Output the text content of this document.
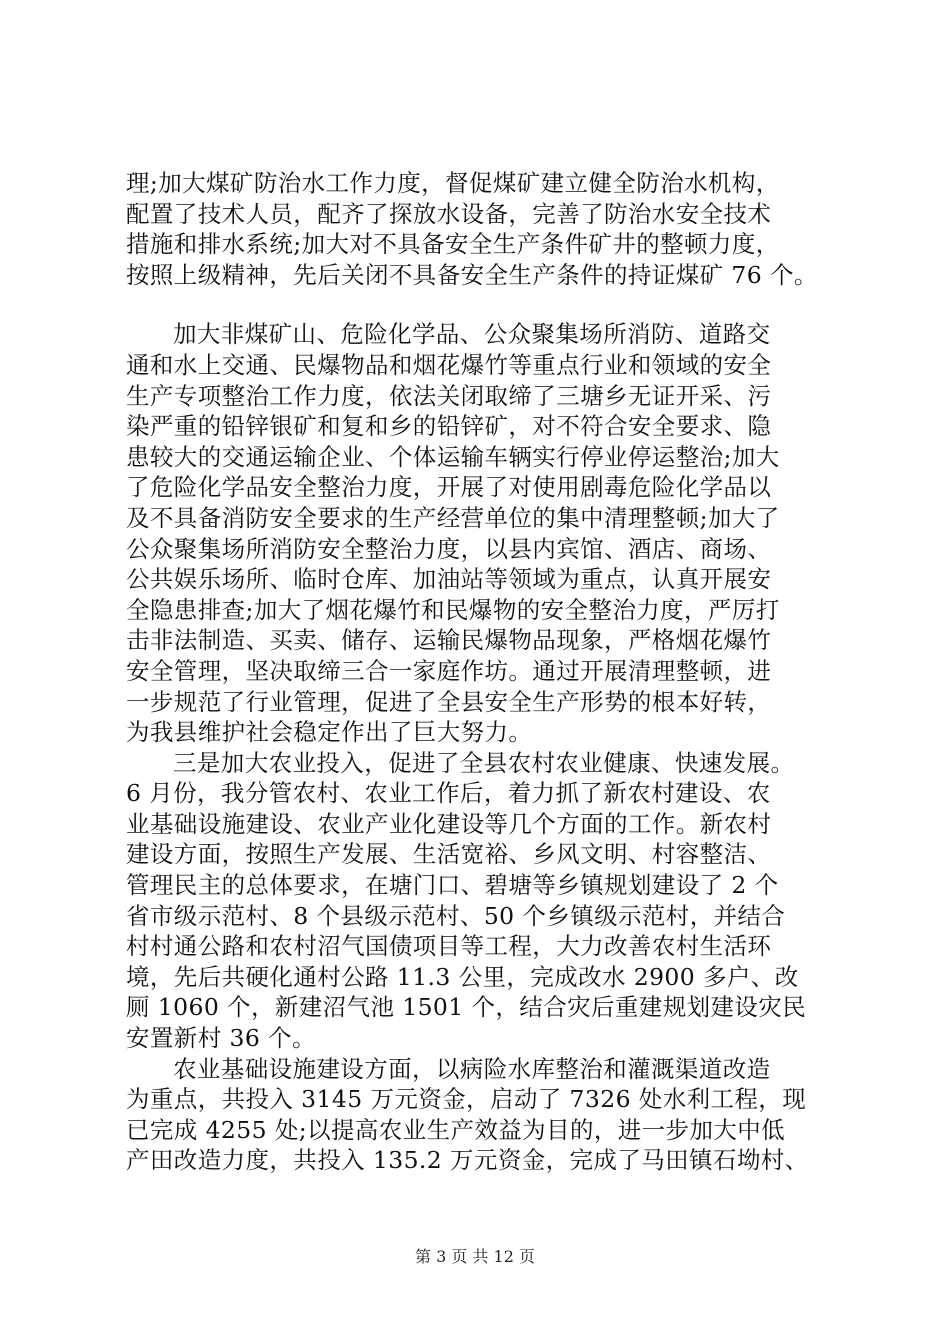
理;加大煤矿防治水工作力度，督促煤矿建立健全防治水机构，
配置了技术人员，配齐了探放水设备，完善了防治水安全技术
措施和排水系统;加大对不具备安全生产条件矿井的整顿力度，
按照上级精神，先后关闭不具备安全生产条件的持证煤矿 76 个。

加大非煤矿山、危险化学品、公众聚集场所消防、道路交
通和水上交通、民爆物品和烟花爆竹等重点行业和领域的安全
生产专项整治工作力度，依法关闭取缔了三塘乡无证开采、污
染严重的铅锌银矿和复和乡的铅锌矿，对不符合安全要求、隐
患较大的交通运输企业、个体运输车辆实行停业停运整治;加大
了危险化学品安全整治力度，开展了对使用剧毒危险化学品以
及不具备消防安全要求的生产经营单位的集中清理整顿;加大了
公众聚集场所消防安全整治力度，以县内宾馆、酒店、商场、
公共娱乐场所、临时仓库、加油站等领域为重点，认真开展安
全隐患排查;加大了烟花爆竹和民爆物的安全整治力度，严厉打
击非法制造、买卖、储存、运输民爆物品现象，严格烟花爆竹
安全管理，坚决取缔三合一家庭作坊。通过开展清理整顿，进
一步规范了行业管理，促进了全县安全生产形势的根本好转，
为我县维护社会稳定作出了巨大努力。

三是加大农业投入，促进了全县农村农业健康、快速发展。
6 月份，我分管农村、农业工作后，着力抓了新农村建设、农
业基础设施建设、农业产业化建设等几个方面的工作。新农村
建设方面，按照生产发展、生活宽裕、乡风文明、村容整洁、
管理民主的总体要求，在塘门口、碧塘等乡镇规划建设了 2 个
省市级示范村、8 个县级示范村、50 个乡镇级示范村，并结合
村村通公路和农村沼气国债项目等工程，大力改善农村生活环
境，先后共硬化通村公路 11.3 公里，完成改水 2900 多户、改
厕 1060 个，新建沼气池 1501 个，结合灾后重建规划建设灾民
安置新村 36 个。

农业基础设施建设方面，以病险水库整治和灌溉渠道改造
为重点，共投入 3145 万元资金，启动了 7326 处水利工程，现
已完成 4255 处;以提高农业生产效益为目的，进一步加大中低
产田改造力度，共投入 135.2 万元资金，完成了马田镇石坳村、

第 3 页 共 12 页
